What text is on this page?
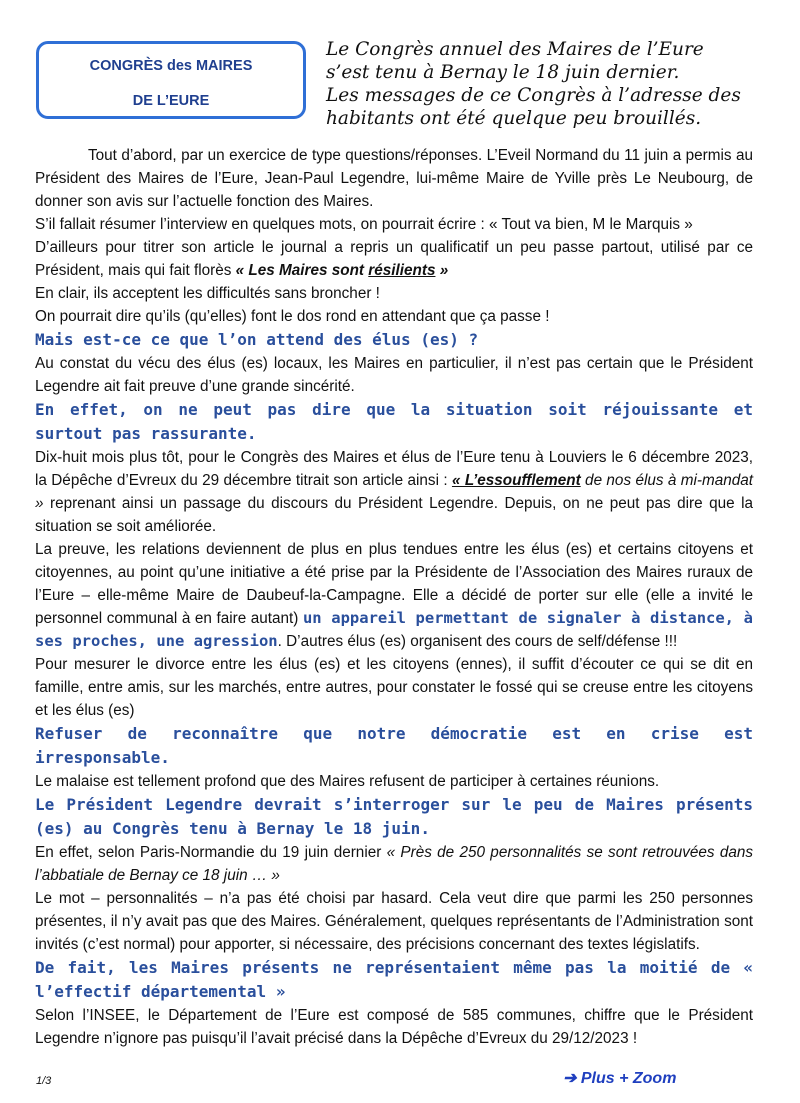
CONGRÈS des MAIRES
DE L’EURE
Le Congrès annuel des Maires de l’Eure
s’est tenu à Bernay le 18 juin dernier.
Les messages de ce Congrès à l’adresse des
habitants ont été quelque peu brouillés.

Tout d’abord, par un exercice de type questions/réponses. L’Eveil Normand du 11 juin a permis au Président des Maires de l’Eure, Jean-Paul Legendre, lui-même Maire de Yville près Le Neubourg, de donner son avis sur l’actuelle fonction des Maires.

S’il fallait résumer l’interview en quelques mots, on pourrait écrire : « Tout va bien, M le Marquis »

D’ailleurs pour titrer son article le journal a repris un qualificatif un peu passe partout, utilisé par ce Président, mais qui fait florès « Les Maires sont résilients »

En clair, ils acceptent les difficultés sans broncher !

On pourrait dire qu’ils (qu’elles) font le dos rond en attendant que ça passe !

Mais est-ce ce que l’on attend des élus (es) ?

Au constat du vécu des élus (es) locaux, les Maires en particulier, il n’est pas certain que le Président Legendre ait fait preuve d’une grande sincérité.

En effet, on ne peut pas dire que la situation soit réjouissante et surtout pas rassurante.

Dix-huit mois plus tôt, pour le Congrès des Maires et élus de l’Eure tenu à Louviers le 6 décembre 2023, la Dépêche d’Evreux du 29 décembre titrait son article ainsi : « L’essoufflement de nos élus à mi-mandat » reprenant ainsi un passage du discours du Président Legendre. Depuis, on ne peut pas dire que la situation se soit améliorée.

La preuve, les relations deviennent de plus en plus tendues entre les élus (es) et certains citoyens et citoyennes, au point qu’une initiative a été prise par la Présidente de l’Association des Maires ruraux de l’Eure – elle-même Maire de Daubeuf-la-Campagne. Elle a décidé de porter sur elle (elle a invité le personnel communal à en faire autant) un appareil permettant de signaler à distance, à ses proches, une agression. D’autres élus (es) organisent des cours de self/défense !!!

Pour mesurer le divorce entre les élus (es) et les citoyens (ennes), il suffit d’écouter ce qui se dit en famille, entre amis, sur les marchés, entre autres, pour constater le fossé qui se creuse entre les citoyens et les élus (es)

Refuser de reconnaître que notre démocratie est en crise est irresponsable.

Le malaise est tellement profond que des Maires refusent de participer à certaines réunions.

Le Président Legendre devrait s’interroger sur le peu de Maires présents (es) au Congrès tenu à Bernay le 18 juin.

En effet, selon Paris-Normandie du 19 juin dernier « Près de 250 personnalités se sont retrouvées dans l’abbatiale de Bernay ce 18 juin … »

Le mot – personnalités – n’a pas été choisi par hasard. Cela veut dire que parmi les 250 personnes présentes, il n’y avait pas que des Maires. Généralement, quelques représentants de l’Administration sont invités (c’est normal) pour apporter, si nécessaire, des précisions concernant des textes législatifs.

De fait, les Maires présents ne représentaient même pas la moitié de « l’effectif départemental »

Selon l’INSEE, le Département de l’Eure est composé de 585 communes, chiffre que le Président Legendre n’ignore pas puisqu’il l’avait précisé dans la Dépêche d’Evreux du 29/12/2023 !

1/3	➔ Plus + Zoom
